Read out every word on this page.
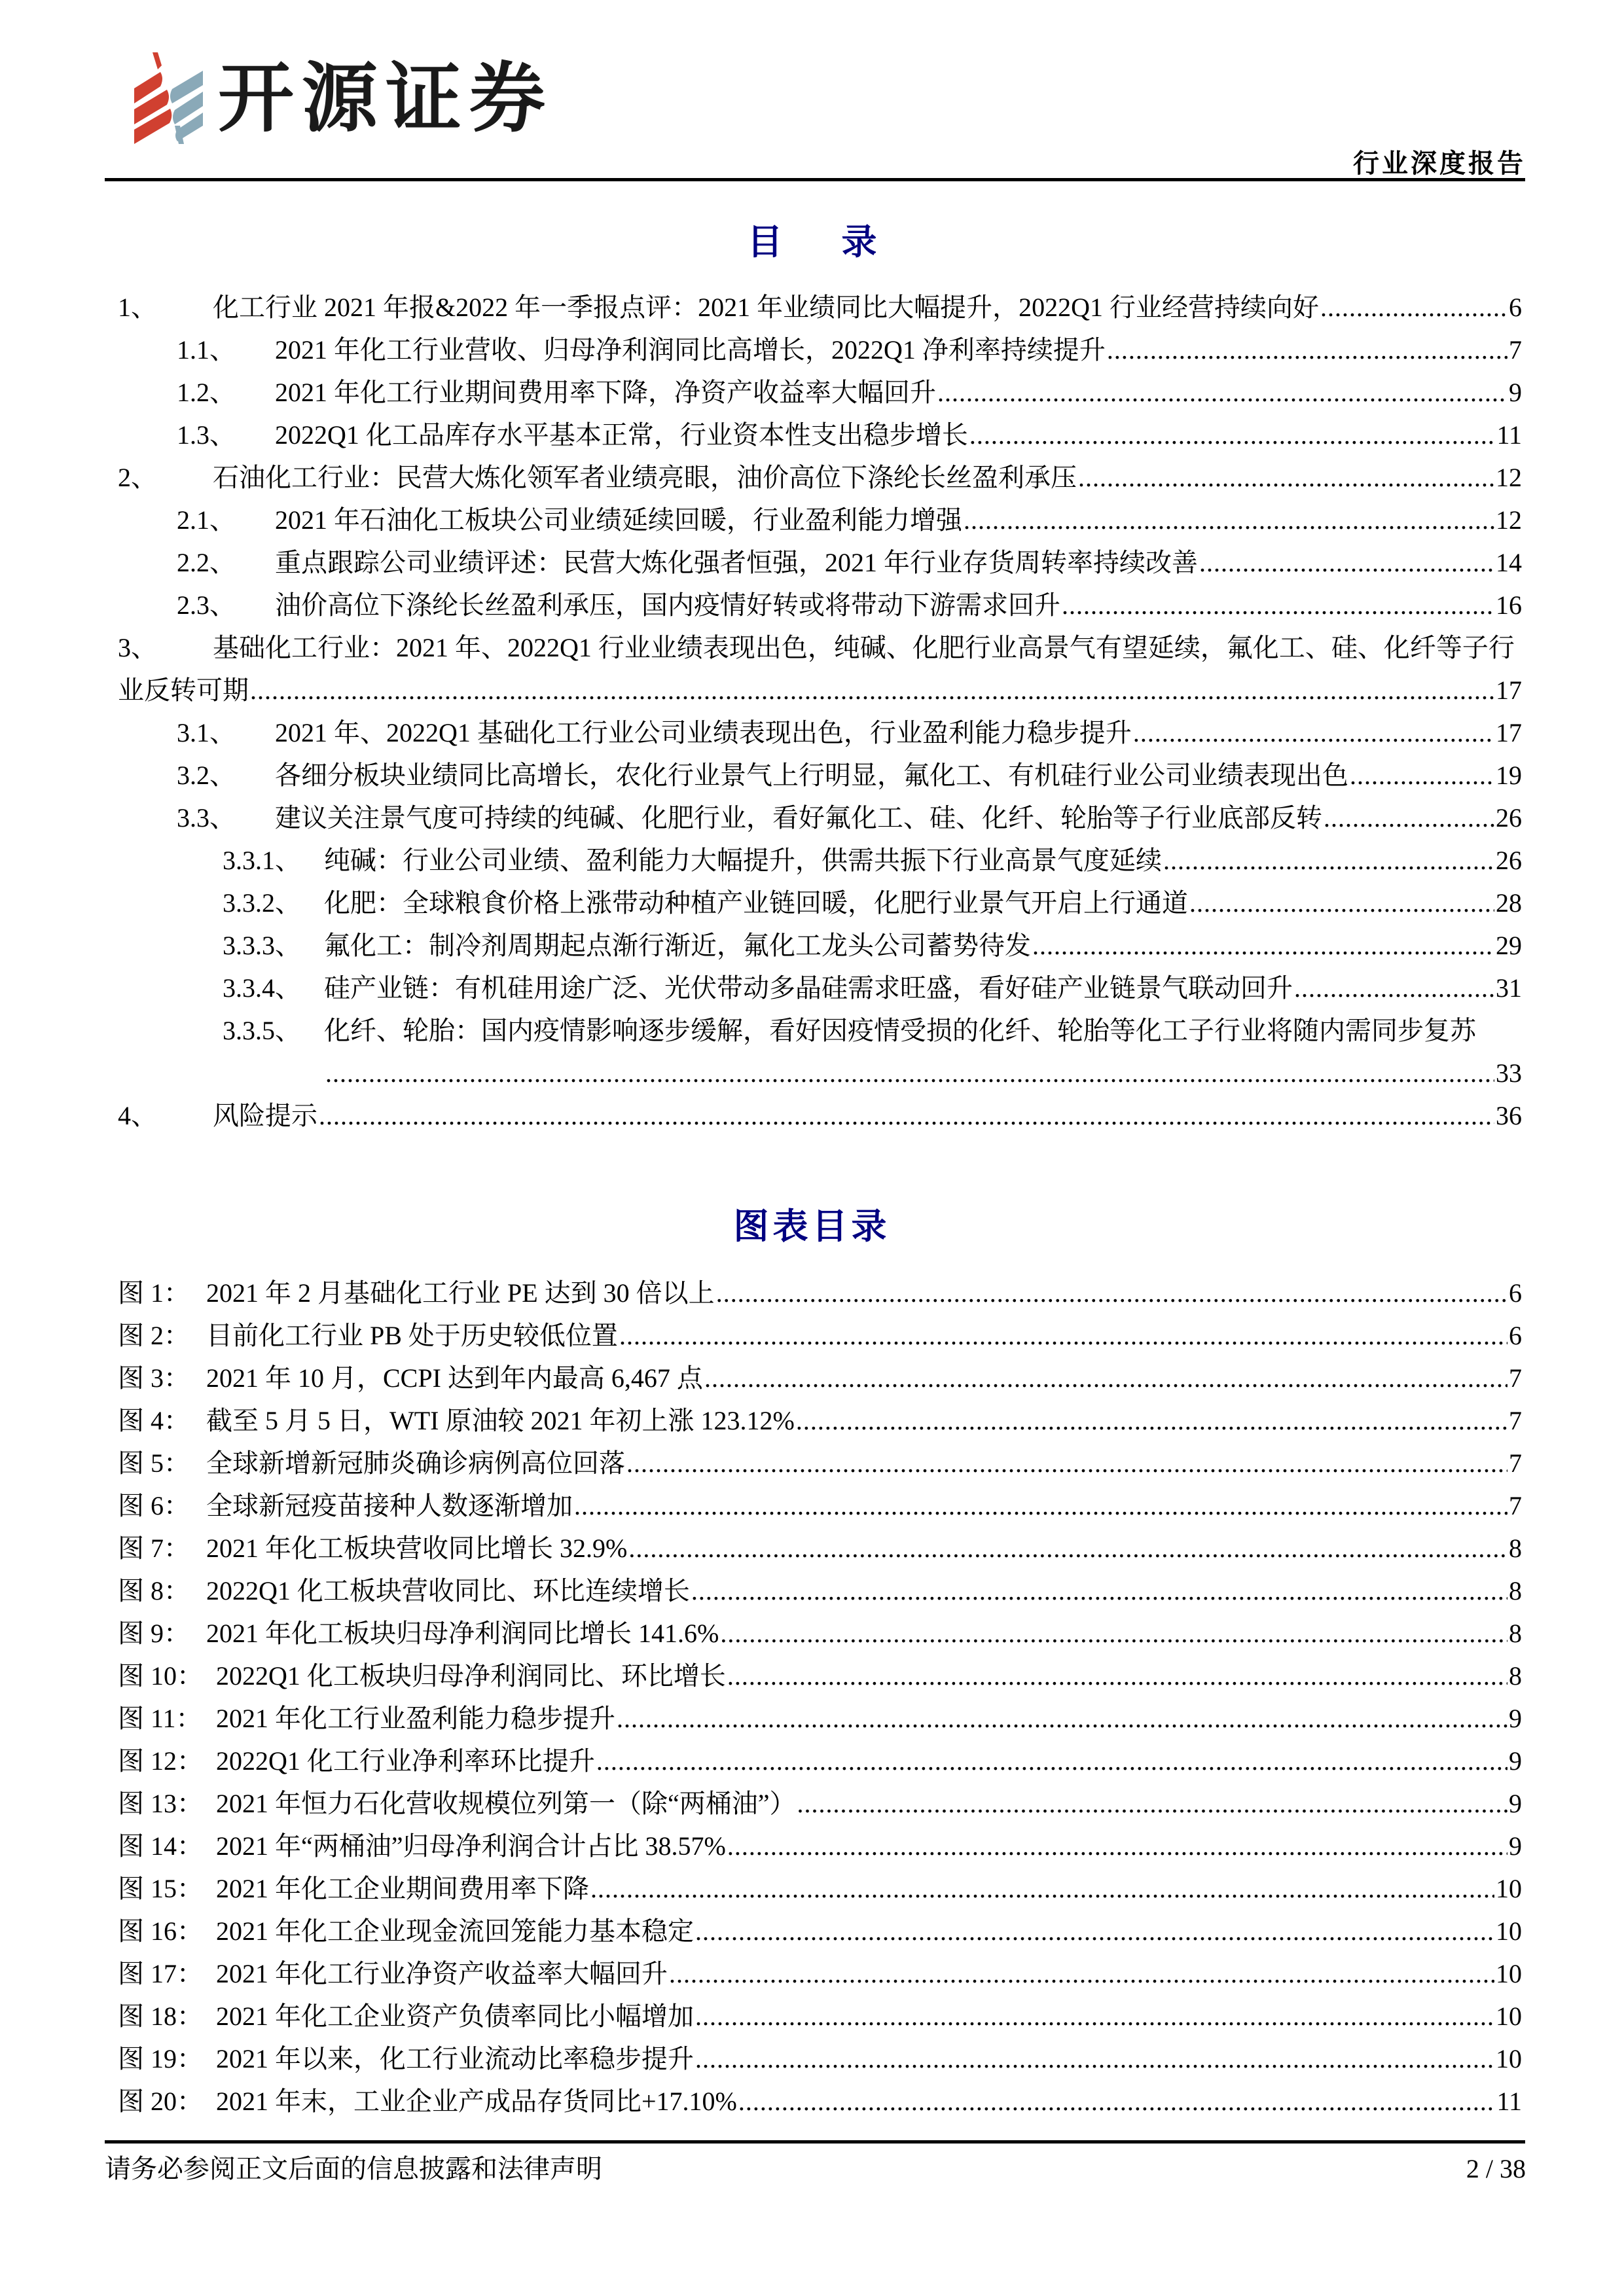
开源证券
行业深度报告
目录
1、	化工行业 2021 年报&2022 年一季报点评：2021 年业绩同比大幅提升，2022Q1 行业经营持续向好 .....	6
1.1、	2021 年化工行业营收、归母净利润同比高增长，2022Q1 净利率持续提升 .....	7
1.2、	2021 年化工行业期间费用率下降，净资产收益率大幅回升 .....	9
1.3、	2022Q1 化工品库存水平基本正常，行业资本性支出稳步增长 .....	11
2、	石油化工行业：民营大炼化领军者业绩亮眼，油价高位下涤纶长丝盈利承压 .....	12
2.1、	2021 年石油化工板块公司业绩延续回暖，行业盈利能力增强 .....	12
2.2、	重点跟踪公司业绩评述：民营大炼化强者恒强，2021 年行业存货周转率持续改善 .....	14
2.3、	油价高位下涤纶长丝盈利承压，国内疫情好转或将带动下游需求回升 .....	16
3、 基础化工行业：2021 年、2022Q1 行业业绩表现出色，纯碱、化肥行业高景气有望延续，氟化工、硅、化纤等子行
业反转可期 .....	17
3.1、	2021 年、2022Q1 基础化工行业公司业绩表现出色，行业盈利能力稳步提升 .....	17
3.2、	各细分板块业绩同比高增长，农化行业景气上行明显，氟化工、有机硅行业公司业绩表现出色 .....	19
3.3、	建议关注景气度可持续的纯碱、化肥行业，看好氟化工、硅、化纤、轮胎等子行业底部反转 .....	26
3.3.1、 纯碱：行业公司业绩、盈利能力大幅提升，供需共振下行业高景气度延续 .....	26
3.3.2、 化肥：全球粮食价格上涨带动种植产业链回暖，化肥行业景气开启上行通道 .....	28
3.3.3、 氟化工：制冷剂周期起点渐行渐近，氟化工龙头公司蓄势待发 .....	29
3.3.4、 硅产业链：有机硅用途广泛、光伏带动多晶硅需求旺盛，看好硅产业链景气联动回升 .....	31
3.3.5、 化纤、轮胎：国内疫情影响逐步缓解，看好因疫情受损的化纤、轮胎等化工子行业将随内需同步复苏
.....
33
4、	风险提示 .....	36
图表目录
图 1： 2021 年 2 月基础化工行业 PE 达到 30 倍以上 .....	6
图 2： 目前化工行业 PB 处于历史较低位置 .....	6
图 3： 2021 年 10 月，CCPI 达到年内最高 6,467 点 .....	7
图 4： 截至 5 月 5 日，WTI 原油较 2021 年初上涨 123.12% .....	7
图 5： 全球新增新冠肺炎确诊病例高位回落 .....	7
图 6： 全球新冠疫苗接种人数逐渐增加 .....	7
图 7： 2021 年化工板块营收同比增长 32.9% .....	8
图 8： 2022Q1 化工板块营收同比、环比连续增长 .....	8
图 9： 2021 年化工板块归母净利润同比增长 141.6% .....	8
图 10： 2022Q1 化工板块归母净利润同比、环比增长 .....	8
图 11： 2021 年化工行业盈利能力稳步提升 .....	9
图 12： 2022Q1 化工行业净利率环比提升 .....	9
图 13： 2021 年恒力石化营收规模位列第一（除“两桶油”） .....	9
图 14： 2021 年“两桶油”归母净利润合计占比 38.57% .....	9
图 15： 2021 年化工企业期间费用率下降 .....	10
图 16： 2021 年化工企业现金流回笼能力基本稳定 .....	10
图 17： 2021 年化工行业净资产收益率大幅回升 .....	10
图 18： 2021 年化工企业资产负债率同比小幅增加 .....	10
图 19： 2021 年以来，化工行业流动比率稳步提升 .....	10
图 20： 2021 年末，工业企业产成品存货同比+17.10% .....	11
请务必参阅正文后面的信息披露和法律声明	2 / 38
